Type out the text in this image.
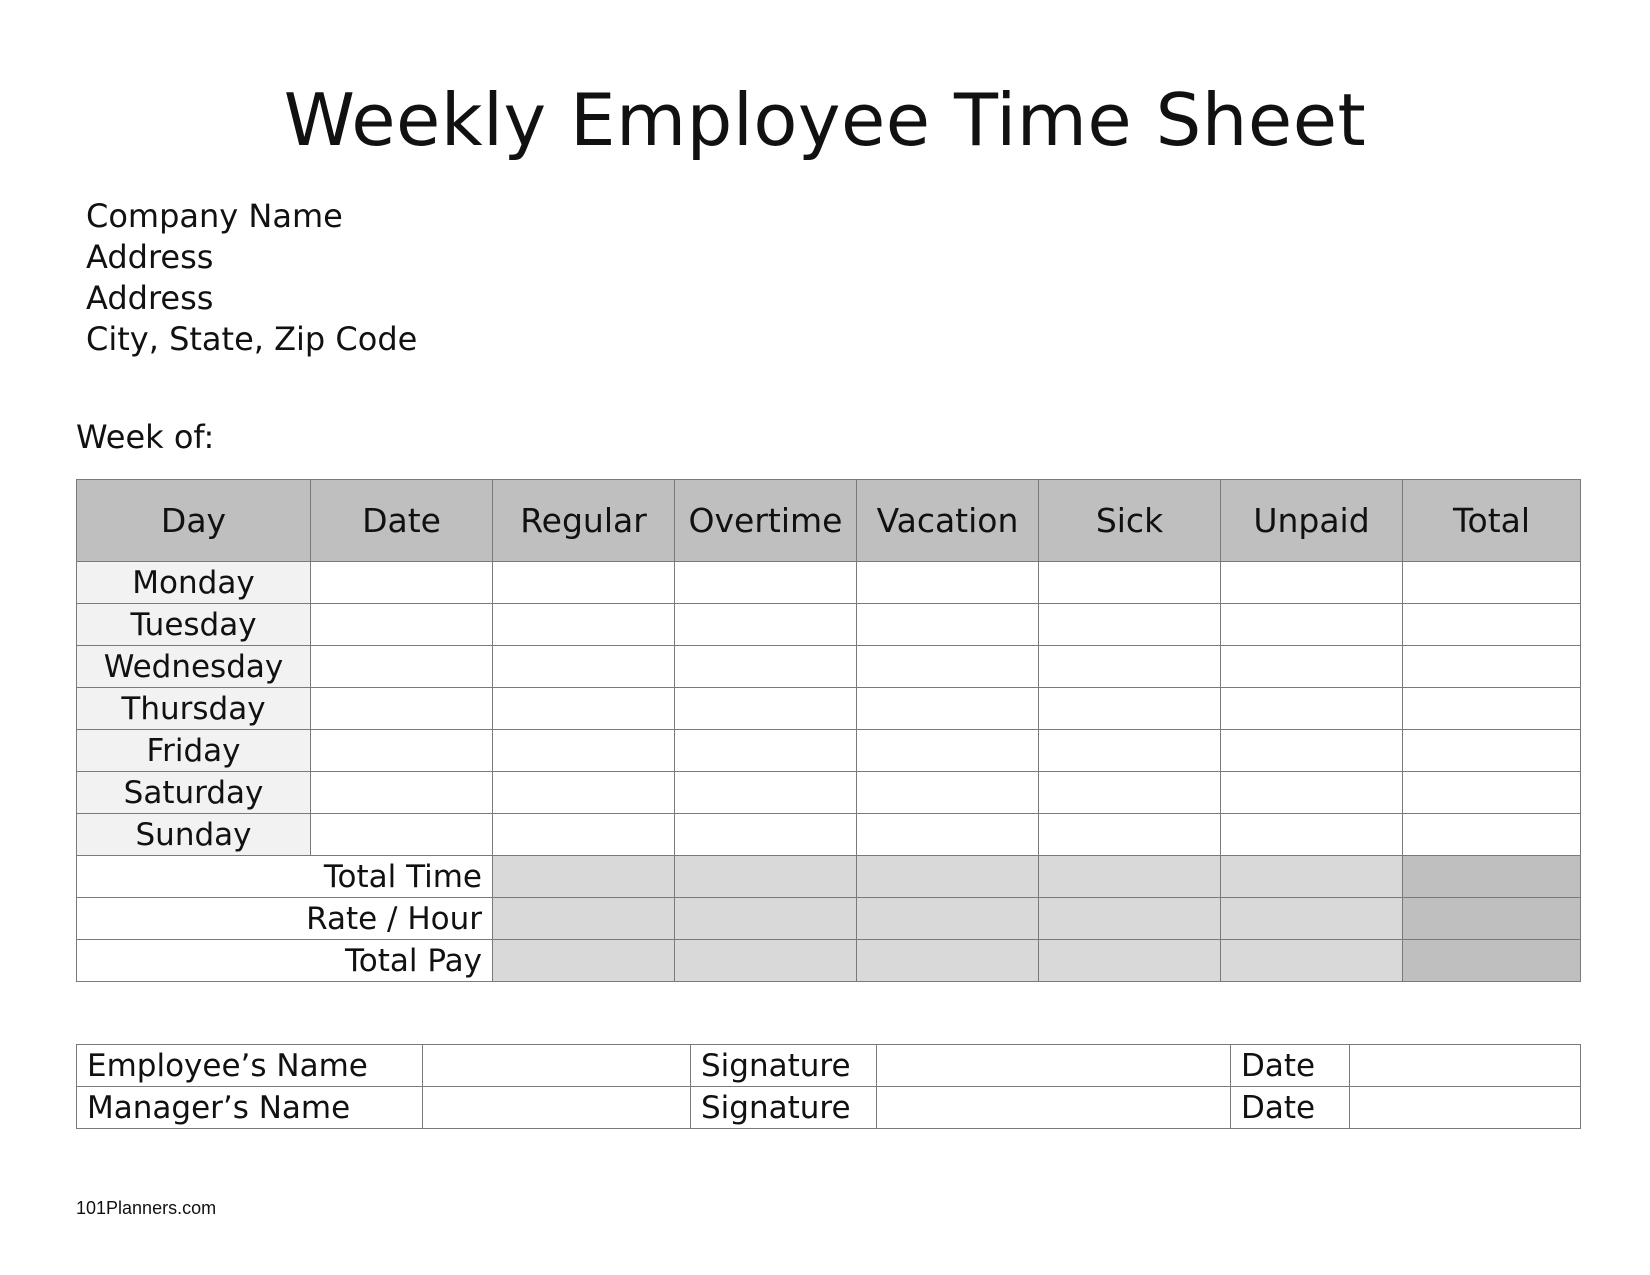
Weekly Employee Time Sheet
Company Name
Address
Address
City, State, Zip Code
Week of:
Day	Date	Regular	Overtime	Vacation	Sick	Unpaid	Total
Monday							
Tuesday							
Wednesday							
Thursday							
Friday							
Saturday							
Sunday							
Total Time							
Rate / Hour							
Total Pay							
Employee’s Name		Signature		Date	
Manager’s Name		Signature		Date	
101Planners.com
